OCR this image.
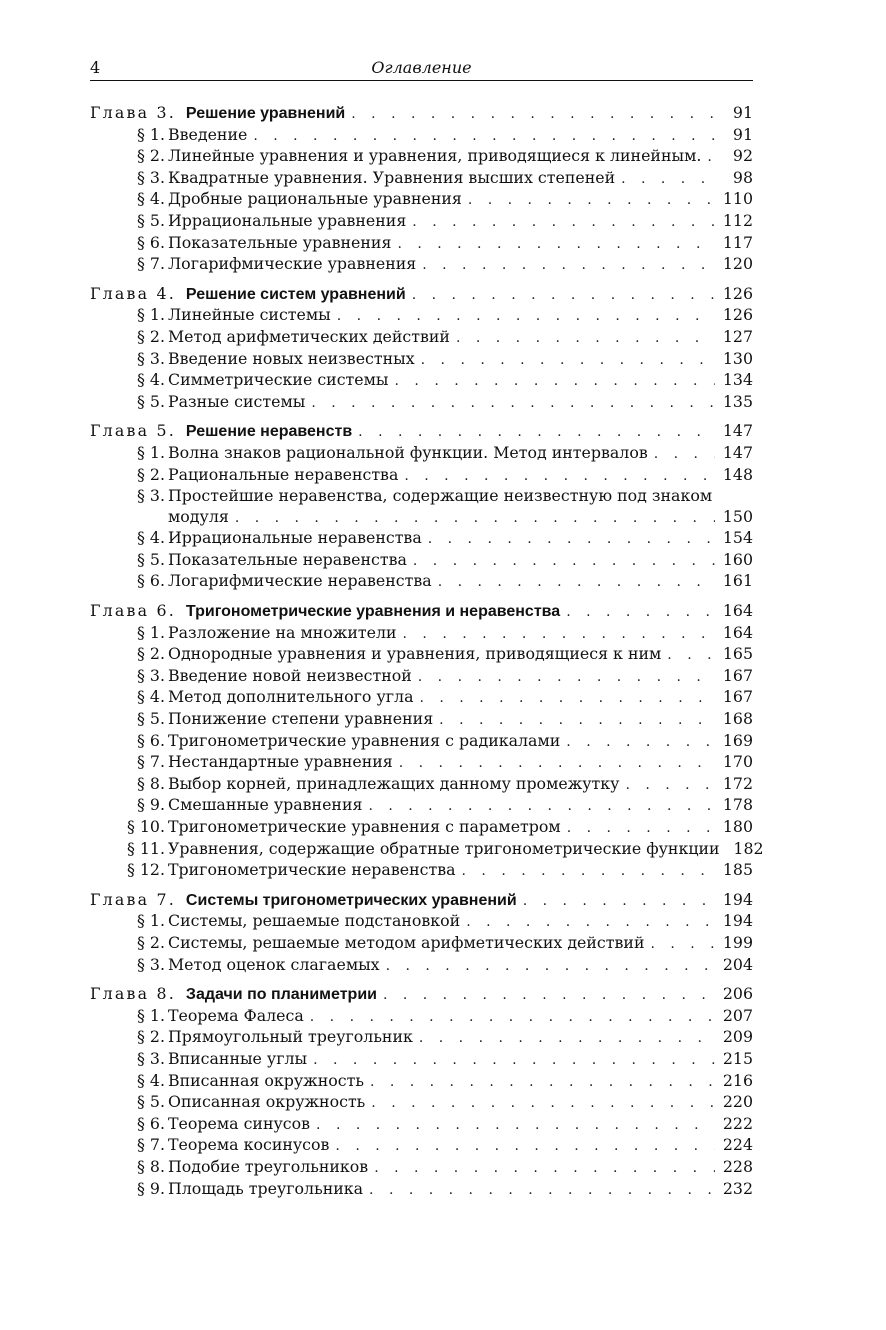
4	Оглавление
Глава 3. Решение уравнений . . .	91
§ 1. Введение . . .	91
§ 2. Линейные уравнения и уравнения, приводящиеся к линейным. . . .	92
§ 3. Квадратные уравнения. Уравнения высших степеней . . .	98
§ 4. Дробные рациональные уравнения . . .	110
§ 5. Иррациональные уравнения . . .	112
§ 6. Показательные уравнения . . .	117
§ 7. Логарифмические уравнения . . .	120
Глава 4. Решение систем уравнений . . .	126
§ 1. Линейные системы . . .	126
§ 2. Метод арифметических действий . . .	127
§ 3. Введение новых неизвестных . . .	130
§ 4. Симметрические системы . . .	134
§ 5. Разные системы . . .	135
Глава 5. Решение неравенств . . .	147
§ 1. Волна знаков рациональной функции. Метод интервалов . . .	147
§ 2. Рациональные неравенства . . .	148
§ 3. Простейшие неравенства, содержащие неизвестную под знаком
модуля . . .	150
§ 4. Иррациональные неравенства . . .	154
§ 5. Показательные неравенства . . .	160
§ 6. Логарифмические неравенства . . .	161
Глава 6. Тригонометрические уравнения и неравенства . . .	164
§ 1. Разложение на множители . . .	164
§ 2. Однородные уравнения и уравнения, приводящиеся к ним . . .	165
§ 3. Введение новой неизвестной . . .	167
§ 4. Метод дополнительного угла . . .	167
§ 5. Понижение степени уравнения . . .	168
§ 6. Тригонометрические уравнения с радикалами . . .	169
§ 7. Нестандартные уравнения . . .	170
§ 8. Выбор корней, принадлежащих данному промежутку . . .	172
§ 9. Смешанные уравнения . . .	178
§ 10. Тригонометрические уравнения с параметром . . .	180
§ 11. Уравнения, содержащие обратные тригонометрические функции 182
§ 12. Тригонометрические неравенства . . .	185
Глава 7. Системы тригонометрических уравнений . . .	194
§ 1. Системы, решаемые подстановкой . . .	194
§ 2. Системы, решаемые методом арифметических действий . . .	199
§ 3. Метод оценок слагаемых . . .	204
Глава 8. Задачи по планиметрии . . .	206
§ 1. Теорема Фалеса . . .	207
§ 2. Прямоугольный треугольник . . .	209
§ 3. Вписанные углы . . .	215
§ 4. Вписанная окружность . . .	216
§ 5. Описанная окружность . . .	220
§ 6. Теорема синусов . . .	222
§ 7. Теорема косинусов . . .	224
§ 8. Подобие треугольников . . .	228
§ 9. Площадь треугольника . . .	232
